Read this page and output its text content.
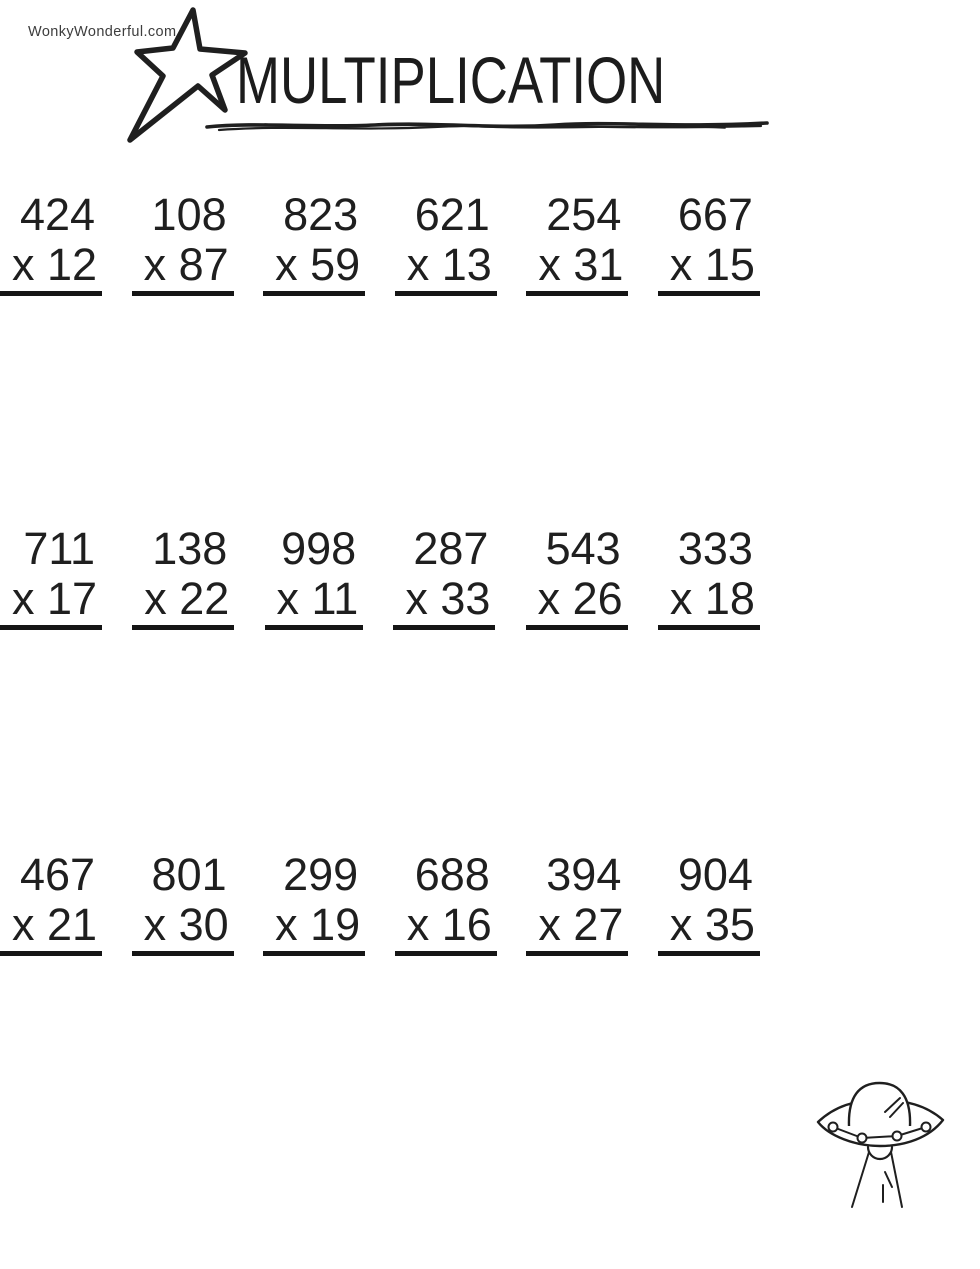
WonkyWonderful.com
MULTIPLICATION
424
x 12
108
x 87
823
x 59
621
x 13
254
x 31
667
x 15
711
x 17
138
x 22
998
x 11
287
x 33
543
x 26
333
x 18
467
x 21
801
x 30
299
x 19
688
x 16
394
x 27
904
x 35
